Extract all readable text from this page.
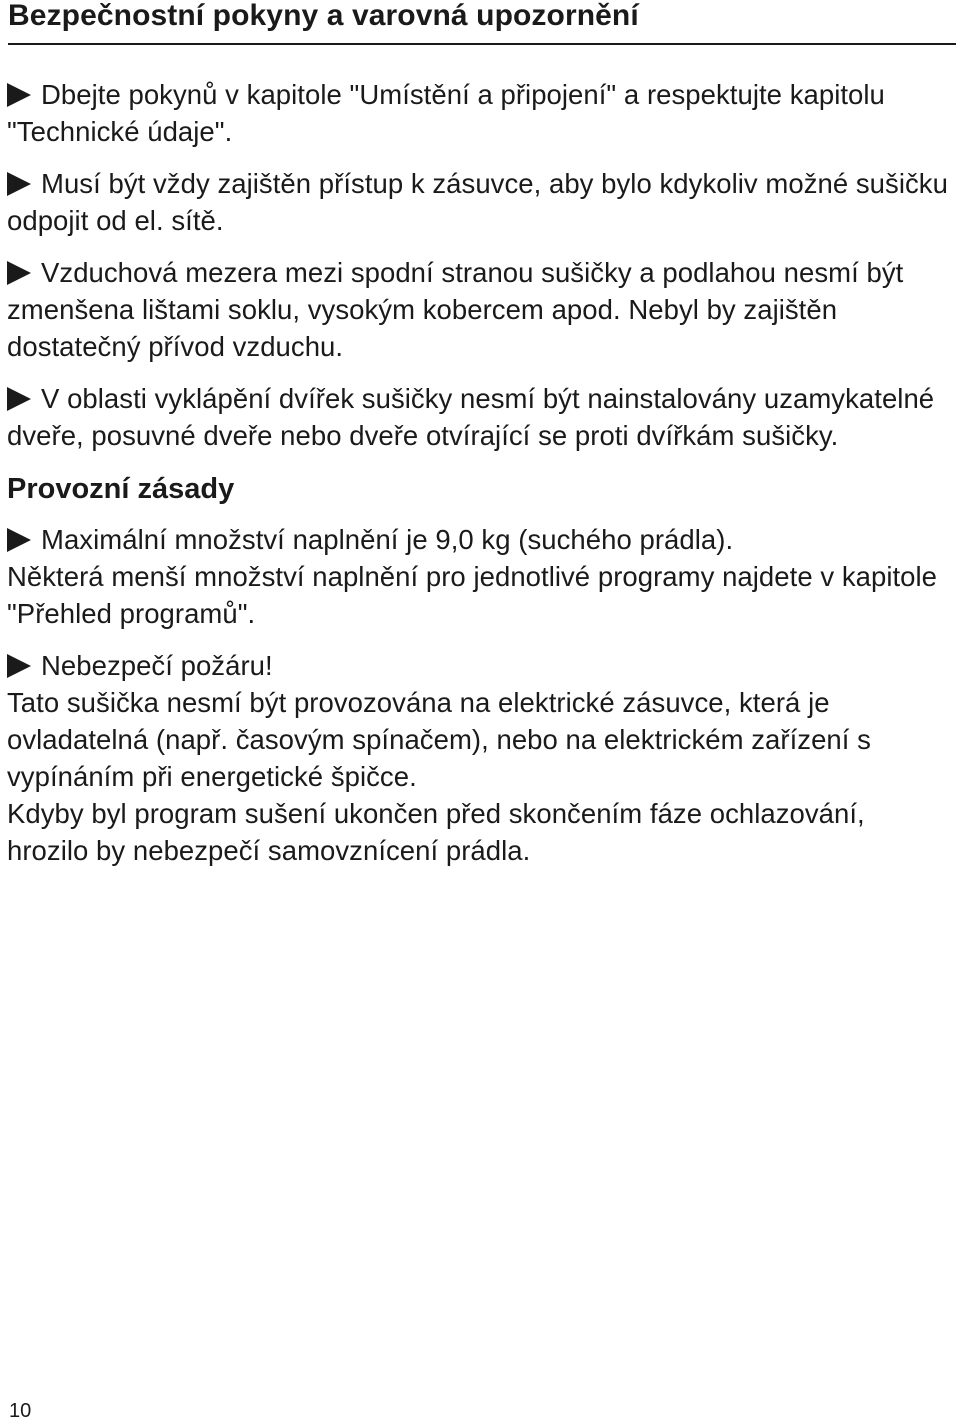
Bezpečnostní pokyny a varovná upozornění

Dbejte pokynů v kapitole "Umístění a připojení" a respektujte kapitolu "Technické údaje".

Musí být vždy zajištěn přístup k zásuvce, aby bylo kdykoliv možné sušičku odpojit od el. sítě.

Vzduchová mezera mezi spodní stranou sušičky a podlahou nesmí být zmenšena lištami soklu, vysokým kobercem apod. Nebyl by zajištěn dostatečný přívod vzduchu.

V oblasti vyklápění dvířek sušičky nesmí být nainstalovány uzamykatelné dveře, posuvné dveře nebo dveře otvírající se proti dvířkám sušičky.

Provozní zásady

Maximální množství naplnění je 9,0 kg (suchého prádla).

Některá menší množství naplnění pro jednotlivé programy najdete v kapitole "Přehled programů".

Nebezpečí požáru!

Tato sušička nesmí být provozována na elektrické zásuvce, která je ovladatelná (např. časovým spínačem), nebo na elektrickém zařízení s vypínáním při energetické špičce.

Kdyby byl program sušení ukončen před skončením fáze ochlazování, hrozilo by nebezpečí samovznícení prádla.

10
